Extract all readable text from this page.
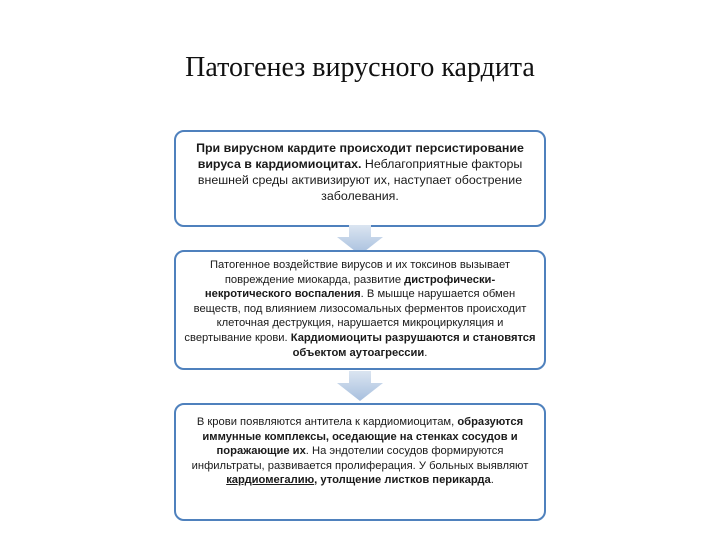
Патогенез вирусного кардита
При вирусном кардите происходит персистирование вируса в кардиомиоцитах. Неблагоприятные факторы внешней среды активизируют их, наступает обострение заболевания.
Патогенное воздействие вирусов и их токсинов вызывает повреждение миокарда, развитие дистрофически-некротического воспаления. В мышце нарушается обмен веществ, под влиянием лизосомальных ферментов происходит клеточная деструкция, нарушается микроциркуляция и свертывание крови. Кардиомиоциты разрушаются и становятся объектом аутоагрессии.
В крови появляются антитела к кардиомиоцитам, образуются иммунные комплексы, оседающие на стенках сосудов и поражающие их. На эндотелии сосудов формируются инфильтраты, развивается пролиферация. У больных выявляют кардиомегалию, утолщение листков перикарда.
